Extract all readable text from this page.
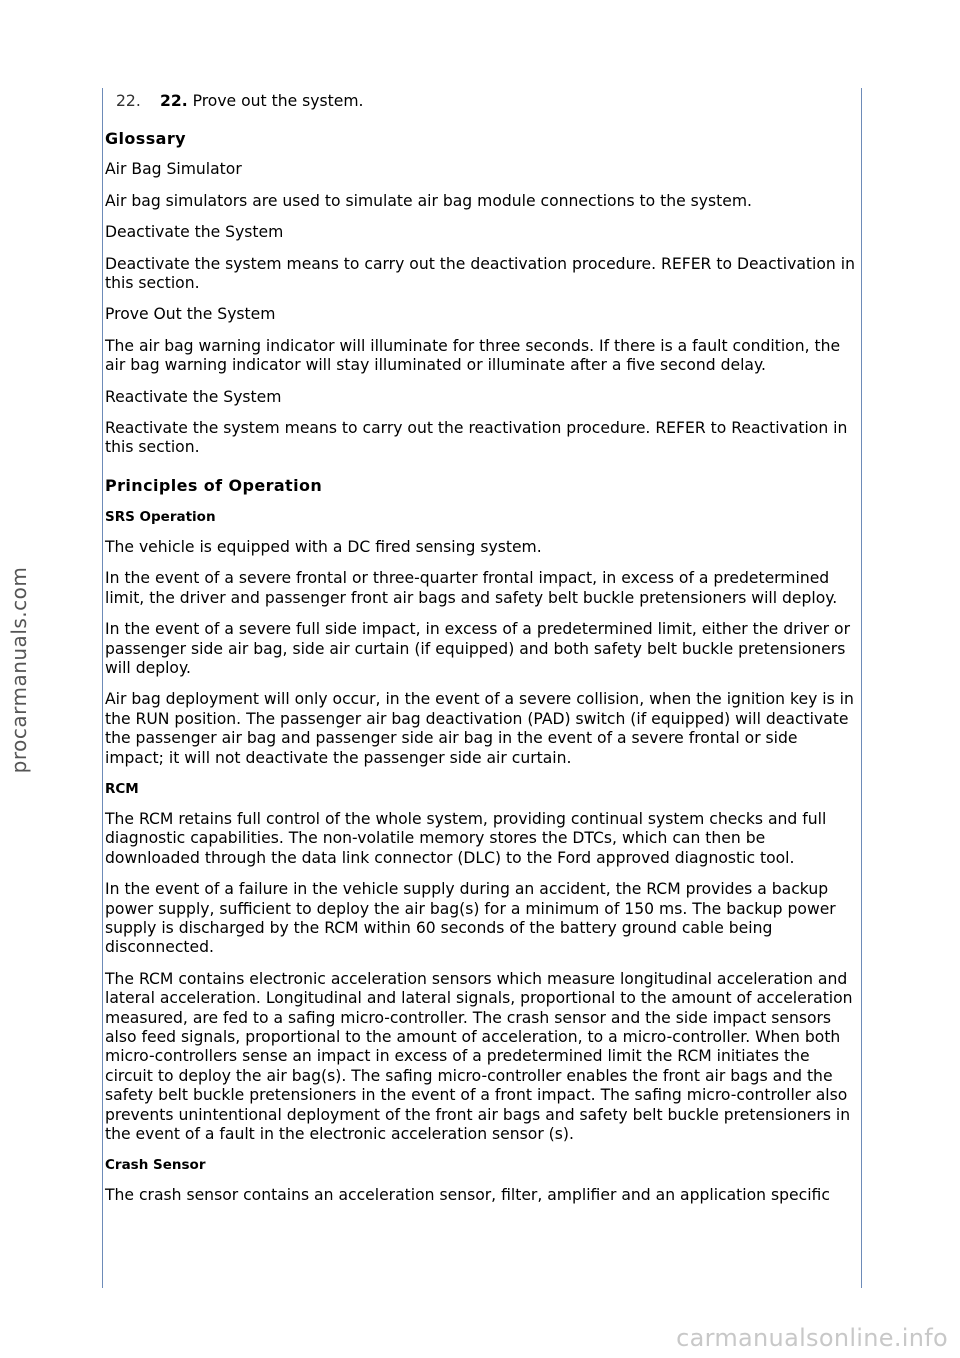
procarmanuals.com
carmanualsonline.info
22.	22. Prove out the system.
Glossary

Air Bag Simulator

Air bag simulators are used to simulate air bag module connections to the system.

Deactivate the System

Deactivate the system means to carry out the deactivation procedure. REFER to Deactivation in this section.

Prove Out the System

The air bag warning indicator will illuminate for three seconds. If there is a fault condition, the air bag warning indicator will stay illuminated or illuminate after a five second delay.

Reactivate the System

Reactivate the system means to carry out the reactivation procedure. REFER to Reactivation in this section.

Principles of Operation
SRS Operation

The vehicle is equipped with a DC fired sensing system.

In the event of a severe frontal or three-quarter frontal impact, in excess of a predetermined limit, the driver and passenger front air bags and safety belt buckle pretensioners will deploy.

In the event of a severe full side impact, in excess of a predetermined limit, either the driver or passenger side air bag, side air curtain (if equipped) and both safety belt buckle pretensioners will deploy.

Air bag deployment will only occur, in the event of a severe collision, when the ignition key is in the RUN position. The passenger air bag deactivation (PAD) switch (if equipped) will deactivate the passenger air bag and passenger side air bag in the event of a severe frontal or side impact; it will not deactivate the passenger side air curtain.

RCM

The RCM retains full control of the whole system, providing continual system checks and full diagnostic capabilities. The non-volatile memory stores the DTCs, which can then be downloaded through the data link connector (DLC) to the Ford approved diagnostic tool.

In the event of a failure in the vehicle supply during an accident, the RCM provides a backup power supply, sufficient to deploy the air bag(s) for a minimum of 150 ms. The backup power supply is discharged by the RCM within 60 seconds of the battery ground cable being disconnected.

The RCM contains electronic acceleration sensors which measure longitudinal acceleration and lateral acceleration. Longitudinal and lateral signals, proportional to the amount of acceleration measured, are fed to a safing micro-controller. The crash sensor and the side impact sensors also feed signals, proportional to the amount of acceleration, to a micro-controller. When both micro-controllers sense an impact in excess of a predetermined limit the RCM initiates the circuit to deploy the air bag(s). The safing micro-controller enables the front air bags and the safety belt buckle pretensioners in the event of a front impact. The safing micro-controller also prevents unintentional deployment of the front air bags and safety belt buckle pretensioners in the event of a fault in the electronic acceleration sensor (s).

Crash Sensor

The crash sensor contains an acceleration sensor, filter, amplifier and an application specific
